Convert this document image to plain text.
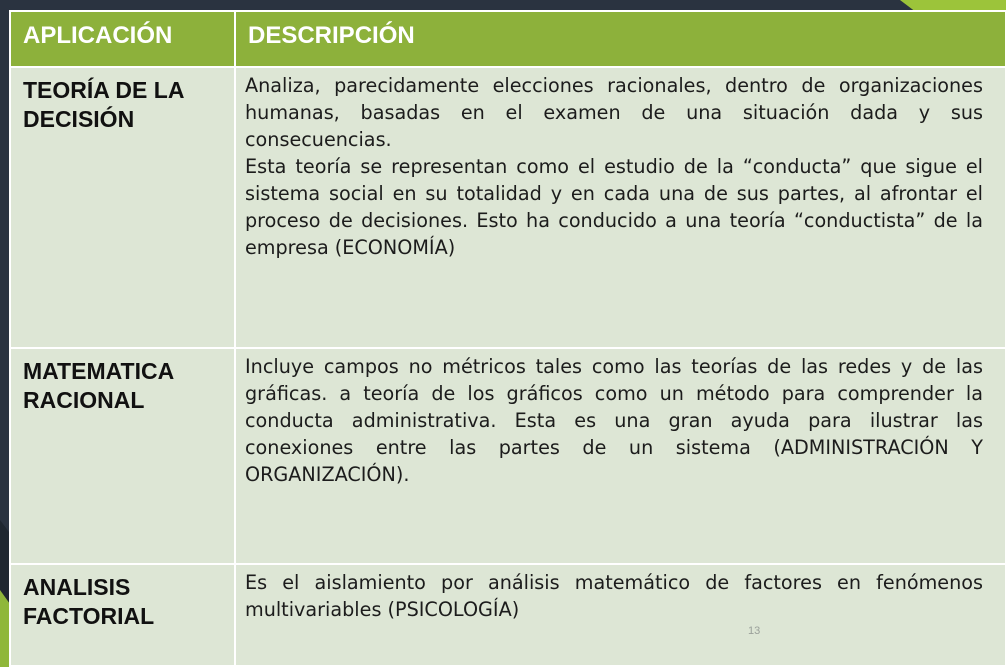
APLICACIÓN	DESCRIPCIÓN
TEORÍA DE LA DECISIÓN	Analiza, parecidamente elecciones racionales, dentro de organizaciones humanas, basadas en el examen de una situación dada y sus consecuencias.

Esta teoría se representan como el estudio de la “conducta” que sigue el sistema social en su totalidad y en cada una de sus partes, al afrontar el proceso de decisiones. Esto ha conducido a una teoría “conductista” de la empresa (ECONOMÍA)

MATEMATICA RACIONAL	Incluye campos no métricos tales como las teorías de las redes y de las gráficas. a teoría de los gráficos como un método para comprender la conducta administrativa. Esta es una gran ayuda para ilustrar las conexiones entre las partes de un sistema (ADMINISTRACIÓN Y ORGANIZACIÓN).

ANALISIS FACTORIAL	Es el aislamiento por análisis matemático de factores en fenómenos multivariables (PSICOLOGÍA)

13
